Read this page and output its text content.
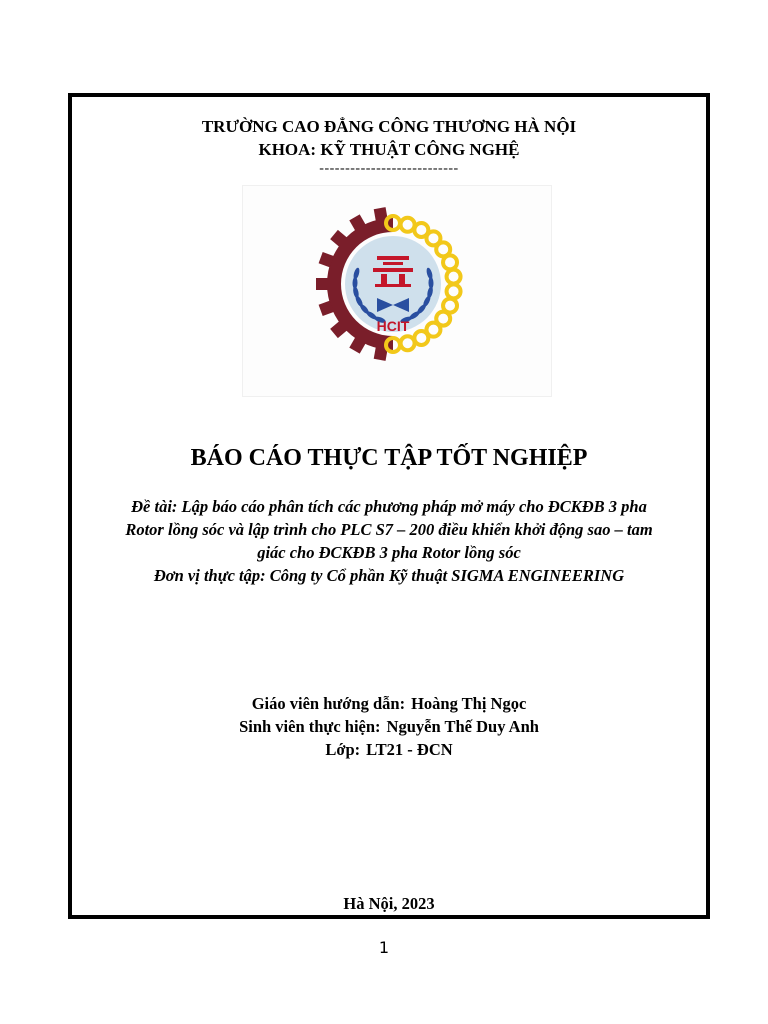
TRƯỜNG CAO ĐẲNG CÔNG THƯƠNG HÀ NỘI
KHOA: KỸ THUẬT CÔNG NGHỆ
---------------------------
HCIT
BÁO CÁO THỰC TẬP TỐT NGHIỆP
Đề tài: Lập báo cáo phân tích các phương pháp mở máy cho ĐCKĐB 3 pha
Rotor lồng sóc và lập trình cho PLC S7 – 200 điều khiển khởi động sao – tam
giác cho ĐCKĐB 3 pha Rotor lồng sóc
Đơn vị thực tập: Công ty Cổ phần Kỹ thuật SIGMA ENGINEERING
Giáo viên hướng dẫn: Hoàng Thị Ngọc
Sinh viên thực hiện: Nguyễn Thế Duy Anh
Lớp: LT21 - ĐCN
Hà Nội, 2023
1
